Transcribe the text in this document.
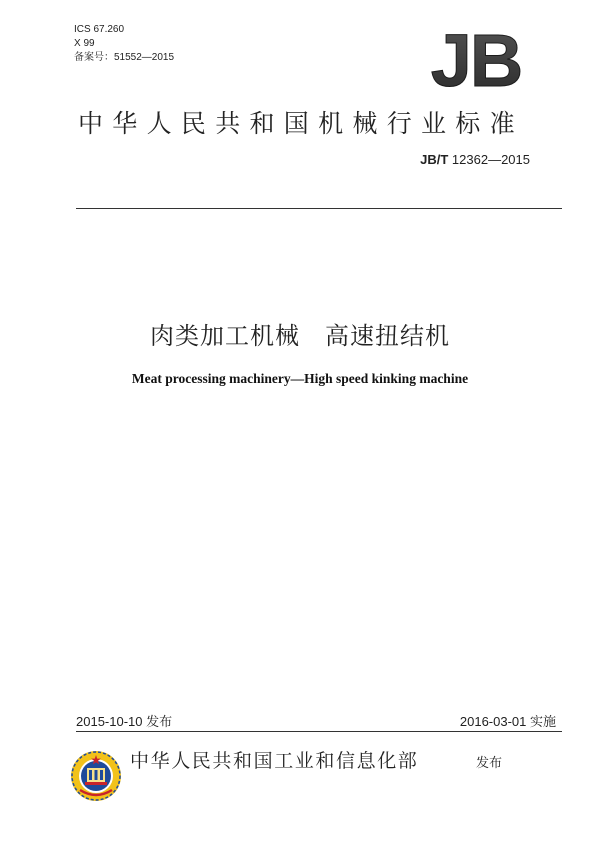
ICS 67.260
X 99
备案号：51552—2015	JB
中华人民共和国机械行业标准
JB/T 12362—2015
肉类加工机械　高速扭结机
Meat processing machinery—High speed kinking machine
2015-10-10 发布	2016-03-01 实施
中华人民共和国工业和信息化部	发布
